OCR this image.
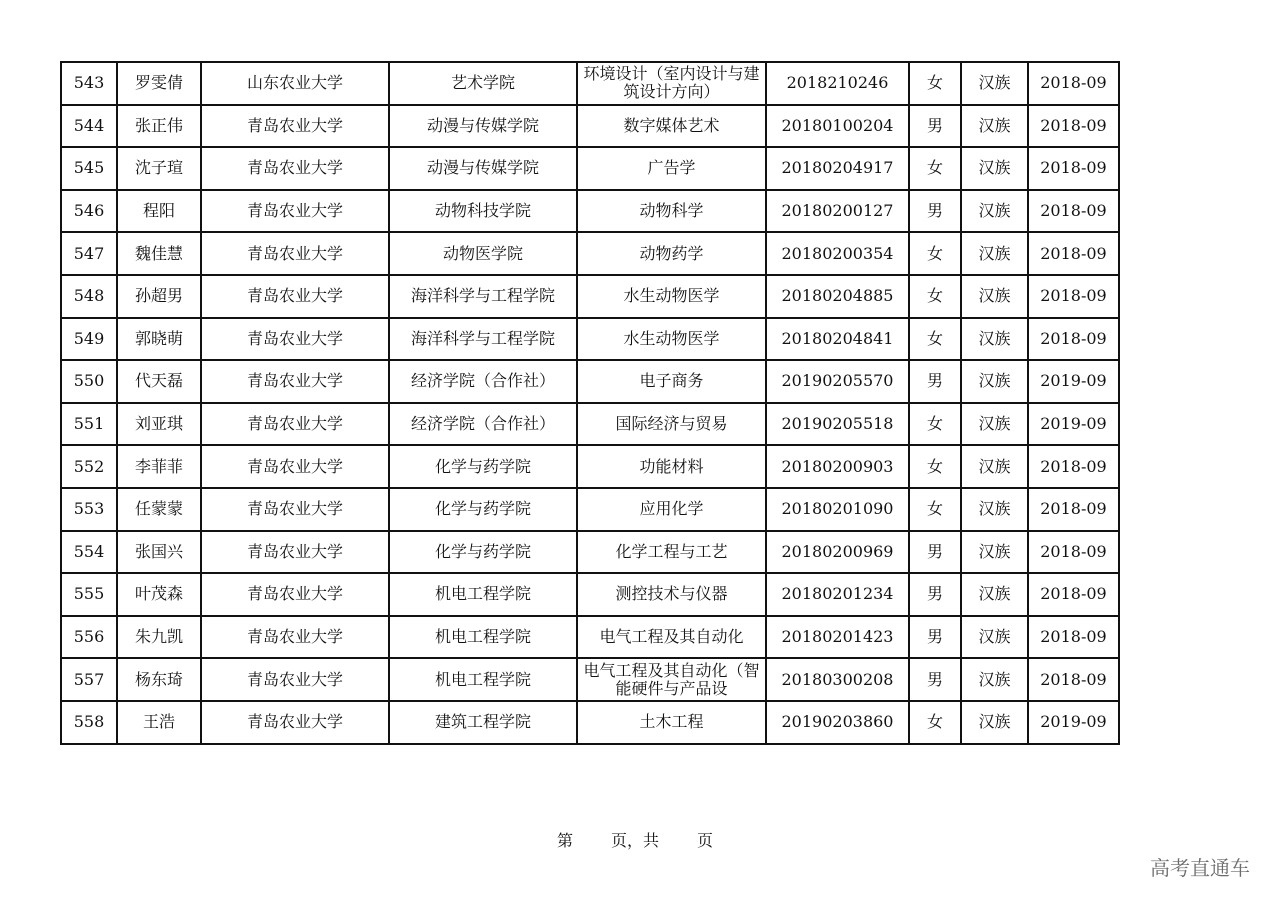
543	罗雯倩	山东农业大学	艺术学院	环境设计（室内设计与建筑设计方向）	2018210246	女	汉族	2018-09
544	张正伟	青岛农业大学	动漫与传媒学院	数字媒体艺术	20180100204	男	汉族	2018-09
545	沈子瑄	青岛农业大学	动漫与传媒学院	广告学	20180204917	女	汉族	2018-09
546	程阳	青岛农业大学	动物科技学院	动物科学	20180200127	男	汉族	2018-09
547	魏佳慧	青岛农业大学	动物医学院	动物药学	20180200354	女	汉族	2018-09
548	孙超男	青岛农业大学	海洋科学与工程学院	水生动物医学	20180204885	女	汉族	2018-09
549	郭晓萌	青岛农业大学	海洋科学与工程学院	水生动物医学	20180204841	女	汉族	2018-09
550	代天磊	青岛农业大学	经济学院（合作社）	电子商务	20190205570	男	汉族	2019-09
551	刘亚琪	青岛农业大学	经济学院（合作社）	国际经济与贸易	20190205518	女	汉族	2019-09
552	李菲菲	青岛农业大学	化学与药学院	功能材料	20180200903	女	汉族	2018-09
553	任蒙蒙	青岛农业大学	化学与药学院	应用化学	20180201090	女	汉族	2018-09
554	张国兴	青岛农业大学	化学与药学院	化学工程与工艺	20180200969	男	汉族	2018-09
555	叶茂森	青岛农业大学	机电工程学院	测控技术与仪器	20180201234	男	汉族	2018-09
556	朱九凯	青岛农业大学	机电工程学院	电气工程及其自动化	20180201423	男	汉族	2018-09
557	杨东琦	青岛农业大学	机电工程学院	电气工程及其自动化（智能硬件与产品设	20180300208	男	汉族	2018-09
558	王浩	青岛农业大学	建筑工程学院	土木工程	20190203860	女	汉族	2019-09
第 页，共 页
高考直通车
